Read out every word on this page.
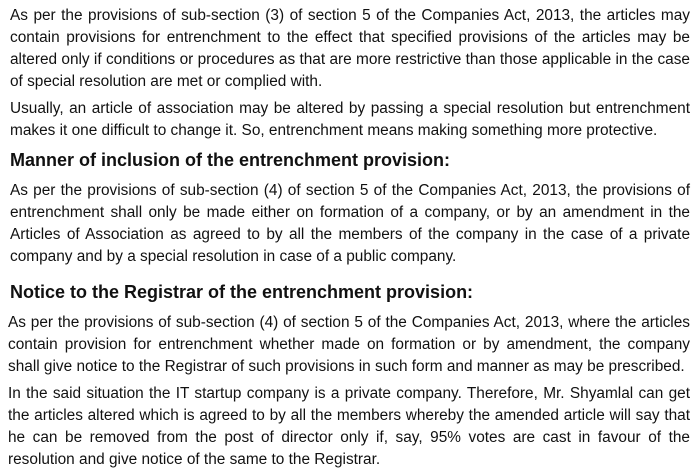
As per the provisions of sub-section (3) of section 5 of the Companies Act, 2013, the articles may contain provisions for entrenchment to the effect that specified provisions of the articles may be altered only if conditions or procedures as that are more restrictive than those applicable in the case of special resolution are met or complied with.

Usually, an article of association may be altered by passing a special resolution but entrenchment makes it one difficult to change it. So, entrenchment means making something more protective.

Manner of inclusion of the entrenchment provision:

As per the provisions of sub-section (4) of section 5 of the Companies Act, 2013, the provisions of entrenchment shall only be made either on formation of a company, or by an amendment in the Articles of Association as agreed to by all the members of the company in the case of a private company and by a special resolution in case of a public company.

Notice to the Registrar of the entrenchment provision:

As per the provisions of sub-section (4) of section 5 of the Companies Act, 2013, where the articles contain provision for entrenchment whether made on formation or by amendment, the company shall give notice to the Registrar of such provisions in such form and manner as may be prescribed.

In the said situation the IT startup company is a private company. Therefore, Mr. Shyamlal can get the articles altered which is agreed to by all the members whereby the amended article will say that he can be removed from the post of director only if, say, 95% votes are cast in favour of the resolution and give notice of the same to the Registrar.
